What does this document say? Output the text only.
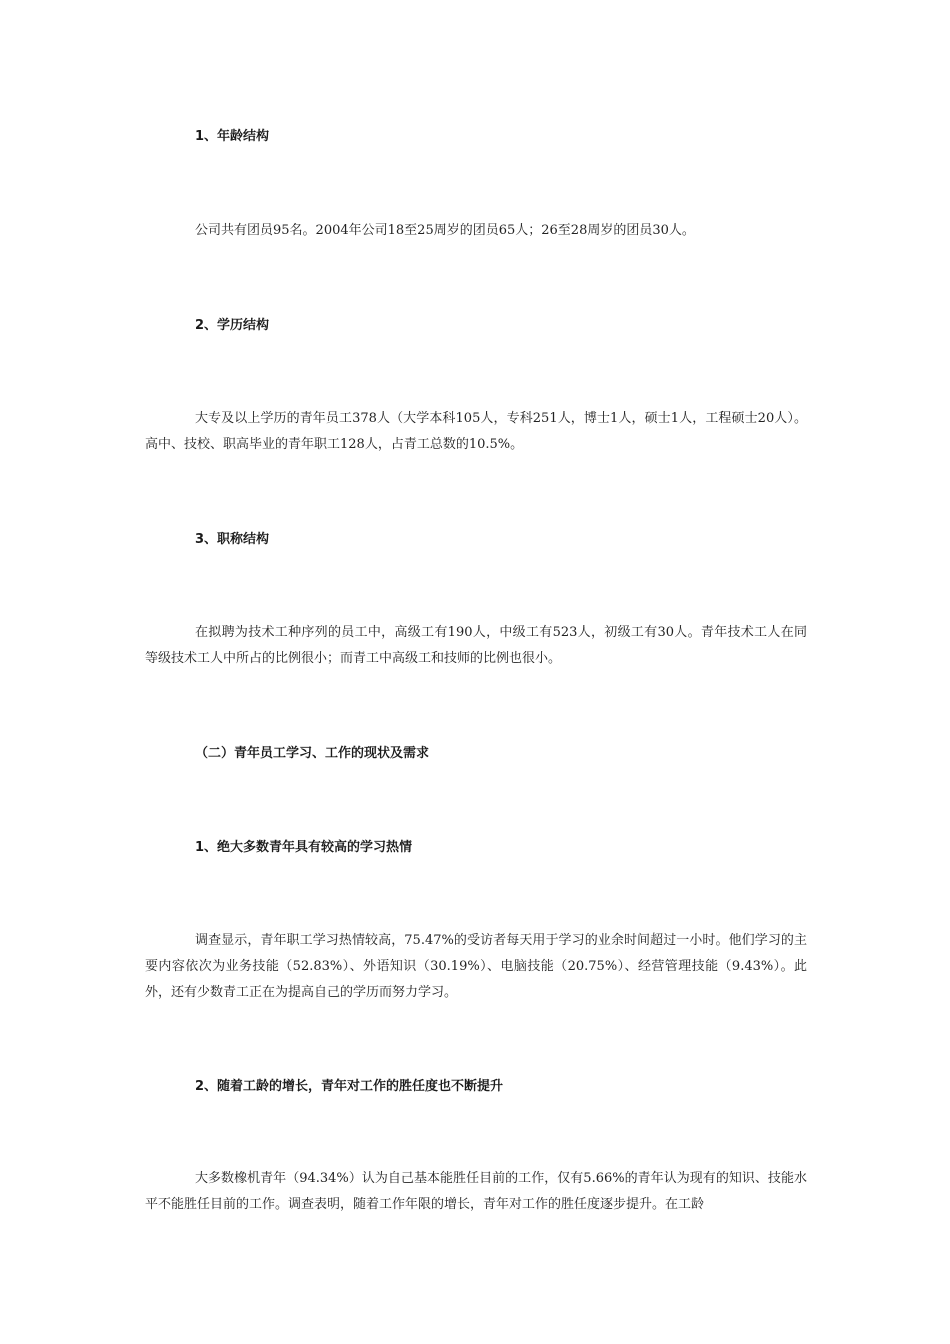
1、年龄结构
公司共有团员95名。2004年公司18至25周岁的团员65人；26至28周岁的团员30人。
2、学历结构
大专及以上学历的青年员工378人（大学本科105人，专科251人，博士1人，硕士1人，工程硕士20人）。高中、技校、职高毕业的青年职工128人，占青工总数的10.5%。
3、职称结构
在拟聘为技术工种序列的员工中，高级工有190人，中级工有523人，初级工有30人。青年技术工人在同等级技术工人中所占的比例很小；而青工中高级工和技师的比例也很小。
（二）青年员工学习、工作的现状及需求
1、绝大多数青年具有较高的学习热情
调查显示，青年职工学习热情较高，75.47%的受访者每天用于学习的业余时间超过一小时。他们学习的主要内容依次为业务技能（52.83%）、外语知识（30.19%）、电脑技能（20.75%）、经营管理技能（9.43%）。此外，还有少数青工正在为提高自己的学历而努力学习。
2、随着工龄的增长，青年对工作的胜任度也不断提升
大多数橡机青年（94.34%）认为自己基本能胜任目前的工作，仅有5.66%的青年认为现有的知识、技能水平不能胜任目前的工作。调查表明，随着工作年限的增长，青年对工作的胜任度逐步提升。在工龄
